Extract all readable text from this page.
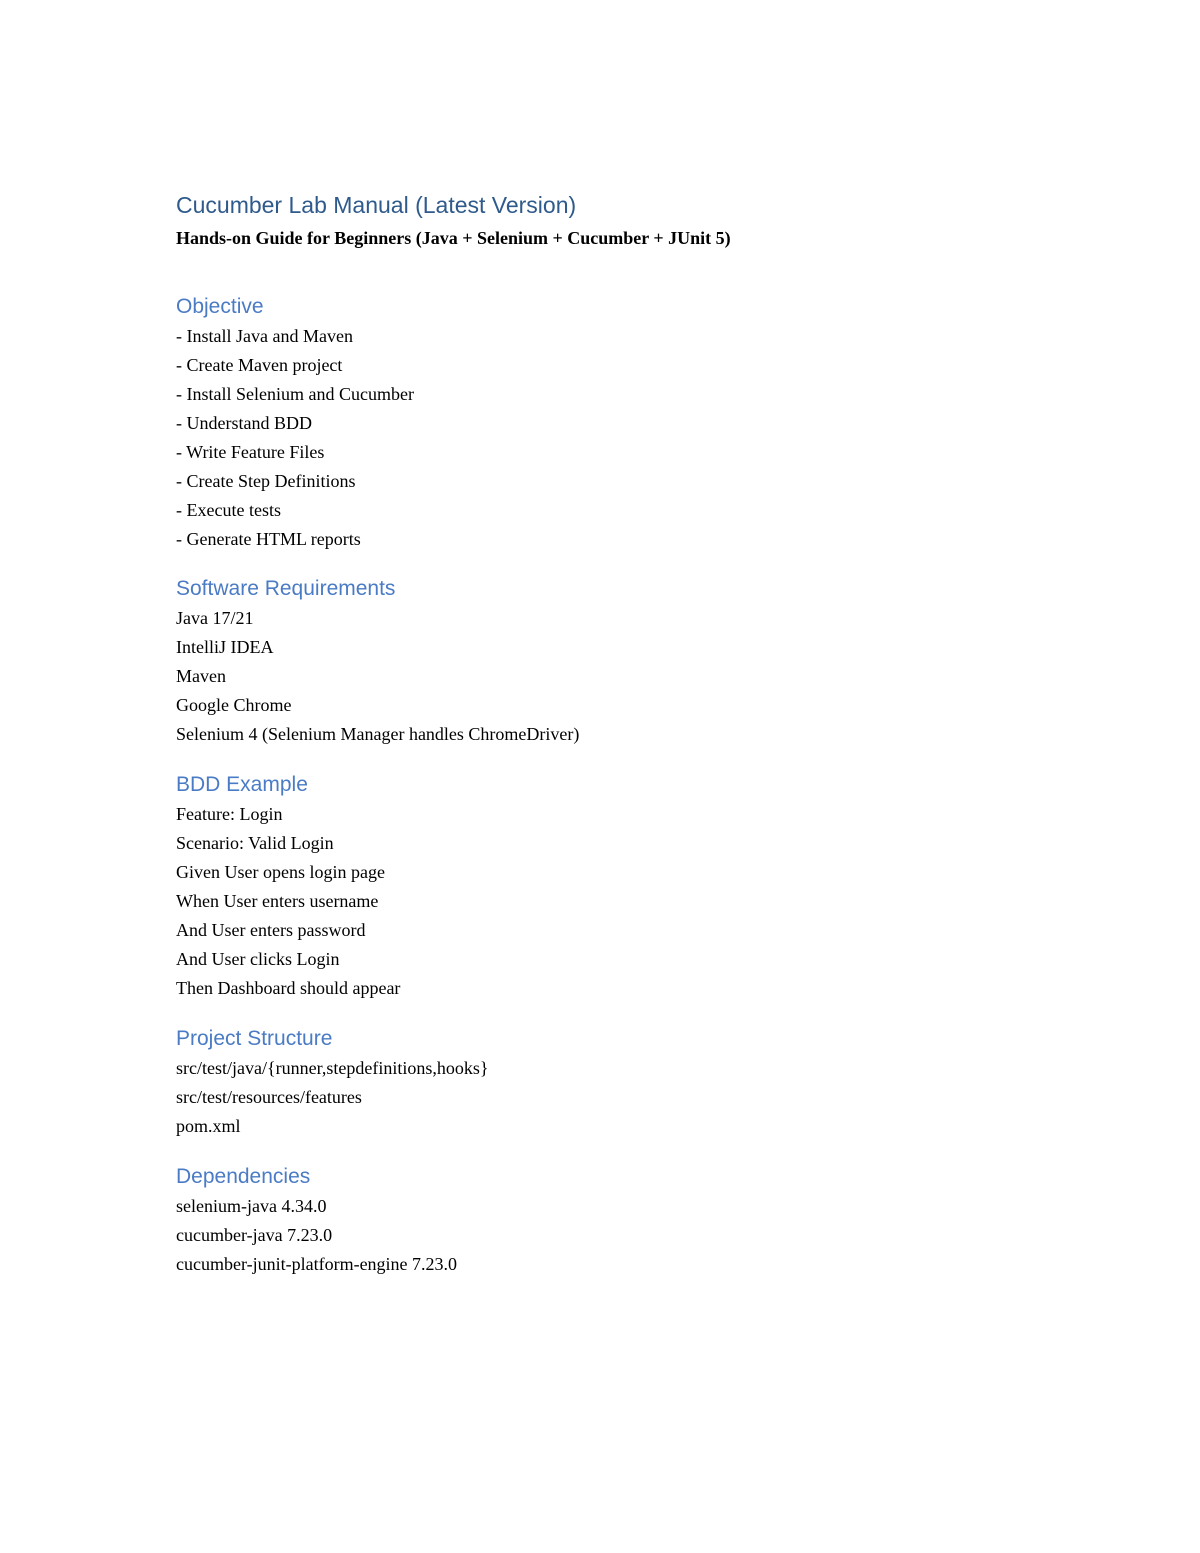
Cucumber Lab Manual (Latest Version)

Hands-on Guide for Beginners (Java + Selenium + Cucumber + JUnit 5)

Objective
- Install Java and Maven
- Create Maven project
- Install Selenium and Cucumber
- Understand BDD
- Write Feature Files
- Create Step Definitions
- Execute tests
- Generate HTML reports
Software Requirements
Java 17/21
IntelliJ IDEA
Maven
Google Chrome
Selenium 4 (Selenium Manager handles ChromeDriver)
BDD Example
Feature: Login
Scenario: Valid Login
Given User opens login page
When User enters username
And User enters password
And User clicks Login
Then Dashboard should appear
Project Structure
src/test/java/{runner,stepdefinitions,hooks}
src/test/resources/features
pom.xml
Dependencies
selenium-java 4.34.0
cucumber-java 7.23.0
cucumber-junit-platform-engine 7.23.0
